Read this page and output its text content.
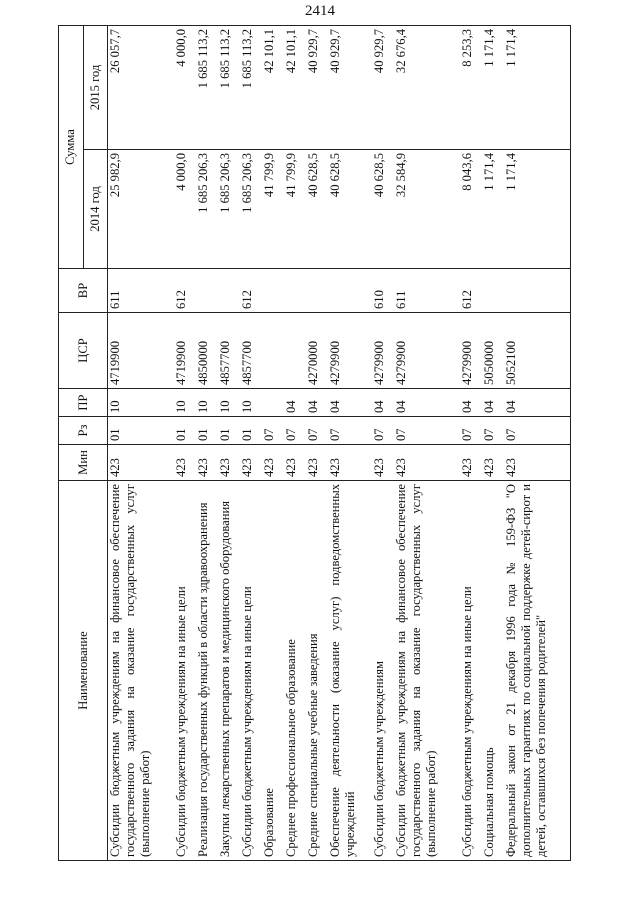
2414
Наименование	Мин	Рз	ПР	ЦСР	ВР	Сумма	
						2014 год	2015 год
Субсидии бюджетным учреждениям на финансовое обеспечение государственного задания на оказание государственных услуг (выполнение работ)	423	01	10	4719900	611	25 982,9	26 057,7
Субсидии бюджетным учреждениям на иные цели	423	01	10	4719900	612	4 000,0	4 000,0
Реализация государственных функций в области здравоохранения	423	01	10	4850000		1 685 206,3	1 685 113,2
Закупки лекарственных препаратов и медицинского оборудования	423	01	10	4857700		1 685 206,3	1 685 113,2
Субсидии бюджетным учреждениям на иные цели	423	01	10	4857700	612	1 685 206,3	1 685 113,2
Образование	423	07				41 799,9	42 101,1
Среднее профессиональное образование	423	07	04			41 799,9	42 101,1
Средние специальные учебные заведения	423	07	04	4270000		40 628,5	40 929,7
Обеспечение деятельности (оказание услуг) подведомственных учреждений	423	07	04	4279900		40 628,5	40 929,7
Субсидии бюджетным учреждениям	423	07	04	4279900	610	40 628,5	40 929,7
Субсидии бюджетным учреждениям на финансовое обеспечение государственного задания на оказание государственных услуг (выполнение работ)	423	07	04	4279900	611	32 584,9	32 676,4
Субсидии бюджетным учреждениям на иные цели	423	07	04	4279900	612	8 043,6	8 253,3
Социальная помощь	423	07	04	5050000		1 171,4	1 171,4
Федеральный закон от 21 декабря 1996 года № 159-ФЗ "О дополнительных гарантиях по социальной поддержке детей-сирот и детей, оставшихся без попечения родителей"	423	07	04	5052100		1 171,4	1 171,4
